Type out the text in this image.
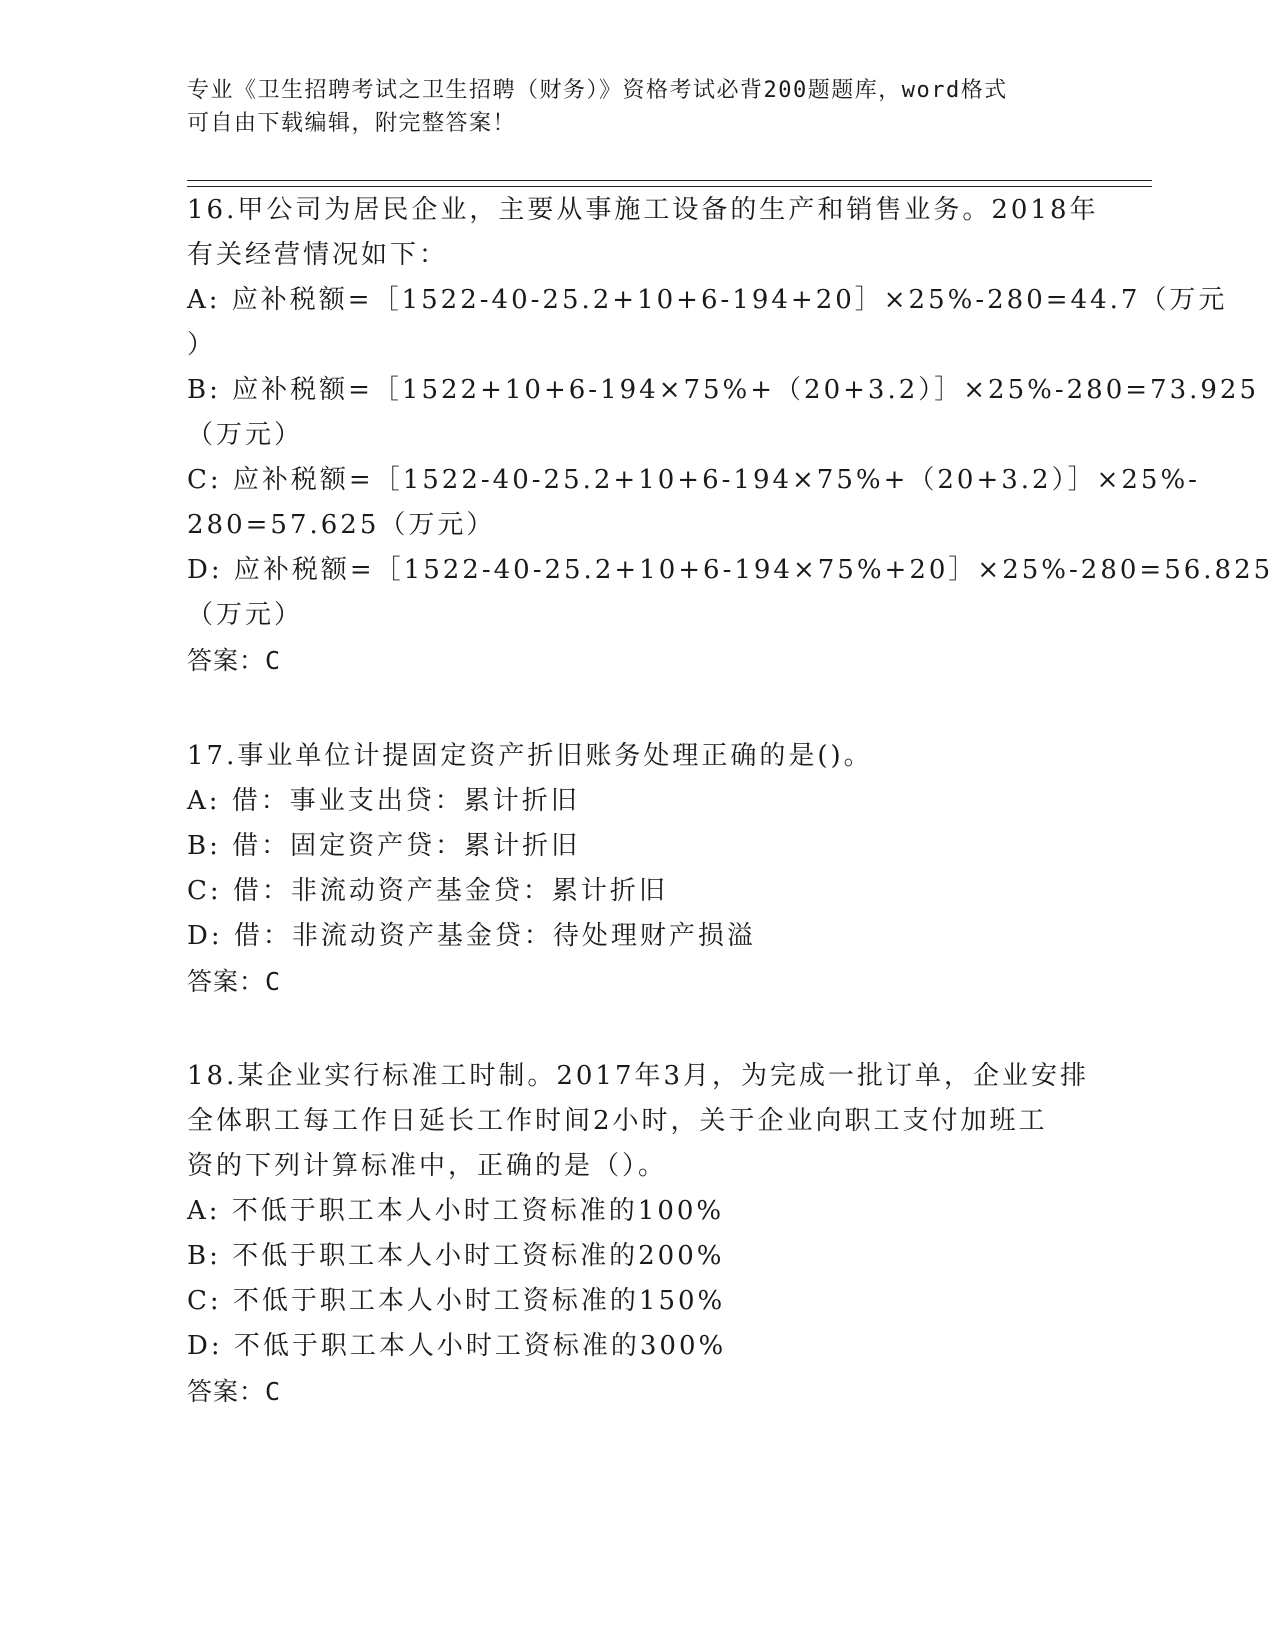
专业《卫生招聘考试之卫生招聘（财务）》资格考试必背200题题库，word格式
可自由下载编辑，附完整答案！
16.甲公司为居民企业，主要从事施工设备的生产和销售业务。2018年
有关经营情况如下：
A: 应补税额=［1522-40-25.2+10+6-194+20］×25%-280=44.7（万元
）
B: 应补税额=［1522+10+6-194×75%+（20+3.2）］×25%-280=73.925
（万元）
C: 应补税额=［1522-40-25.2+10+6-194×75%+（20+3.2）］×25%-
280=57.625（万元）
D: 应补税额=［1522-40-25.2+10+6-194×75%+20］×25%-280=56.825
（万元）
答案：C
17.事业单位计提固定资产折旧账务处理正确的是()。
A: 借：事业支出贷：累计折旧
B: 借：固定资产贷：累计折旧
C: 借：非流动资产基金贷：累计折旧
D: 借：非流动资产基金贷：待处理财产损溢
答案：C
18.某企业实行标准工时制。2017年3月，为完成一批订单，企业安排
全体职工每工作日延长工作时间2小时，关于企业向职工支付加班工
资的下列计算标准中，正确的是（）。
A: 不低于职工本人小时工资标准的100%
B: 不低于职工本人小时工资标准的200%
C: 不低于职工本人小时工资标准的150%
D: 不低于职工本人小时工资标准的300%
答案：C
